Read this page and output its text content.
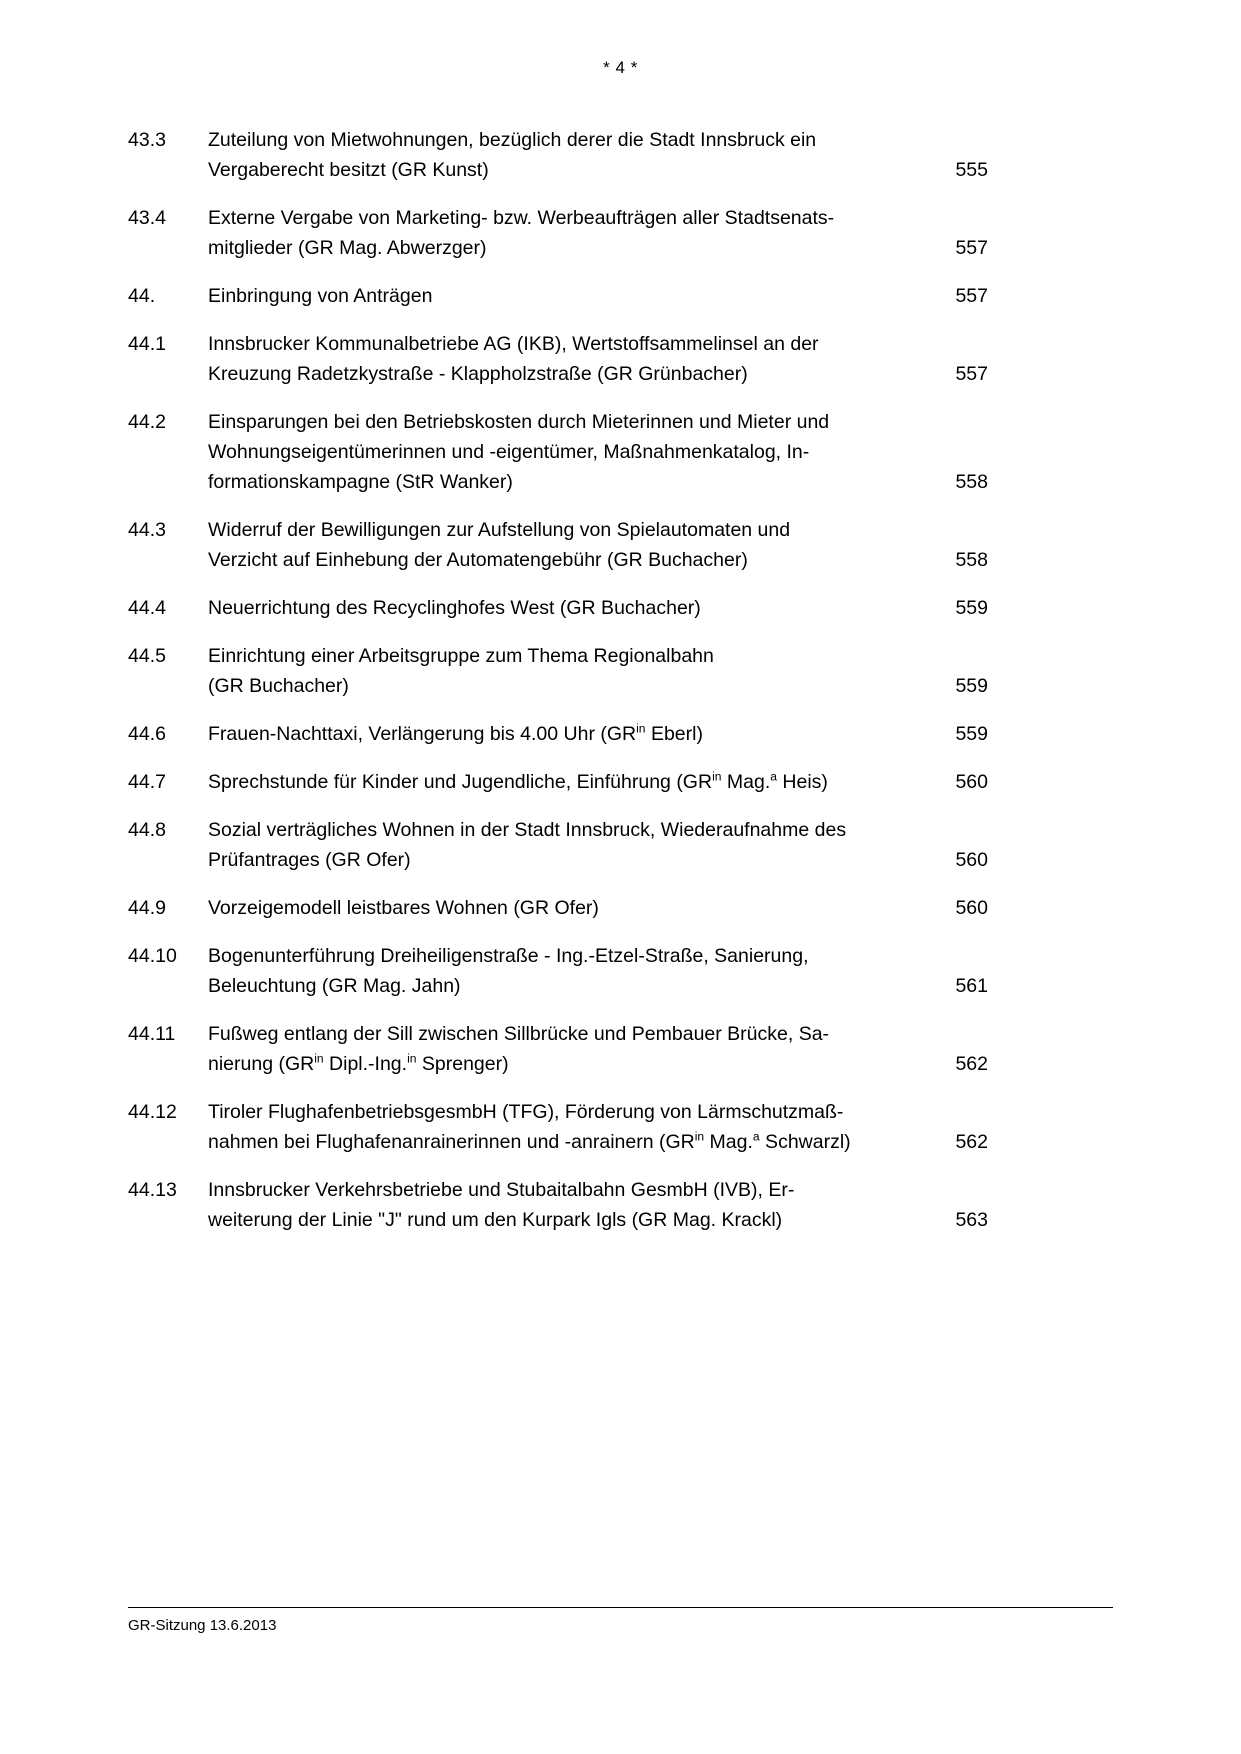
* 4 *
43.3	Zuteilung von Mietwohnungen, bezüglich derer die Stadt Innsbruck ein
Vergaberecht besitzt (GR Kunst)	555
43.4	Externe Vergabe von Marketing- bzw. Werbeaufträgen aller Stadtsenats-
mitglieder (GR Mag. Abwerzger)	557
44.	Einbringung von Anträgen	557
44.1	Innsbrucker Kommunalbetriebe AG (IKB), Wertstoffsammelinsel an der
Kreuzung Radetzkystraße - Klappholzstraße (GR Grünbacher)	557
44.2	Einsparungen bei den Betriebskosten durch Mieterinnen und Mieter und
Wohnungseigentümerinnen und -eigentümer, Maßnahmenkatalog, In-
formationskampagne (StR Wanker)	558
44.3	Widerruf der Bewilligungen zur Aufstellung von Spielautomaten und
Verzicht auf Einhebung der Automatengebühr (GR Buchacher)	558
44.4	Neuerrichtung des Recyclinghofes West (GR Buchacher)	559
44.5	Einrichtung einer Arbeitsgruppe zum Thema Regionalbahn
(GR Buchacher)	559
44.6	Frauen-Nachttaxi, Verlängerung bis 4.00 Uhr ($GR^{in}$ Eberl)	559
44.7	Sprechstunde für Kinder und Jugendliche, Einführung ($GR^{in}$ Mag.$^a$ Heis)	560
44.8	Sozial verträgliches Wohnen in der Stadt Innsbruck, Wiederaufnahme des
Prüfantrages (GR Ofer)	560
44.9	Vorzeigemodell leistbares Wohnen (GR Ofer)	560
44.10	Bogenunterführung Dreiheiligenstraße - Ing.-Etzel-Straße, Sanierung,
Beleuchtung (GR Mag. Jahn)	561
44.11	Fußweg entlang der Sill zwischen Sillbrücke und Pembauer Brücke, Sa-
nierung ($GR^{in}$ Dipl.-Ing.$^{in}$ Sprenger)	562
44.12	Tiroler FlughafenbetriebsgesmbH (TFG), Förderung von Lärmschutzmaß-
nahmen bei Flughafenanrainerinnen und -anrainern ($GR^{in}$ Mag.$^a$ Schwarzl)	562
44.13	Innsbrucker Verkehrsbetriebe und Stubaitalbahn GesmbH (IVB), Er-
weiterung der Linie "J" rund um den Kurpark Igls (GR Mag. Krackl)	563
GR-Sitzung 13.6.2013
